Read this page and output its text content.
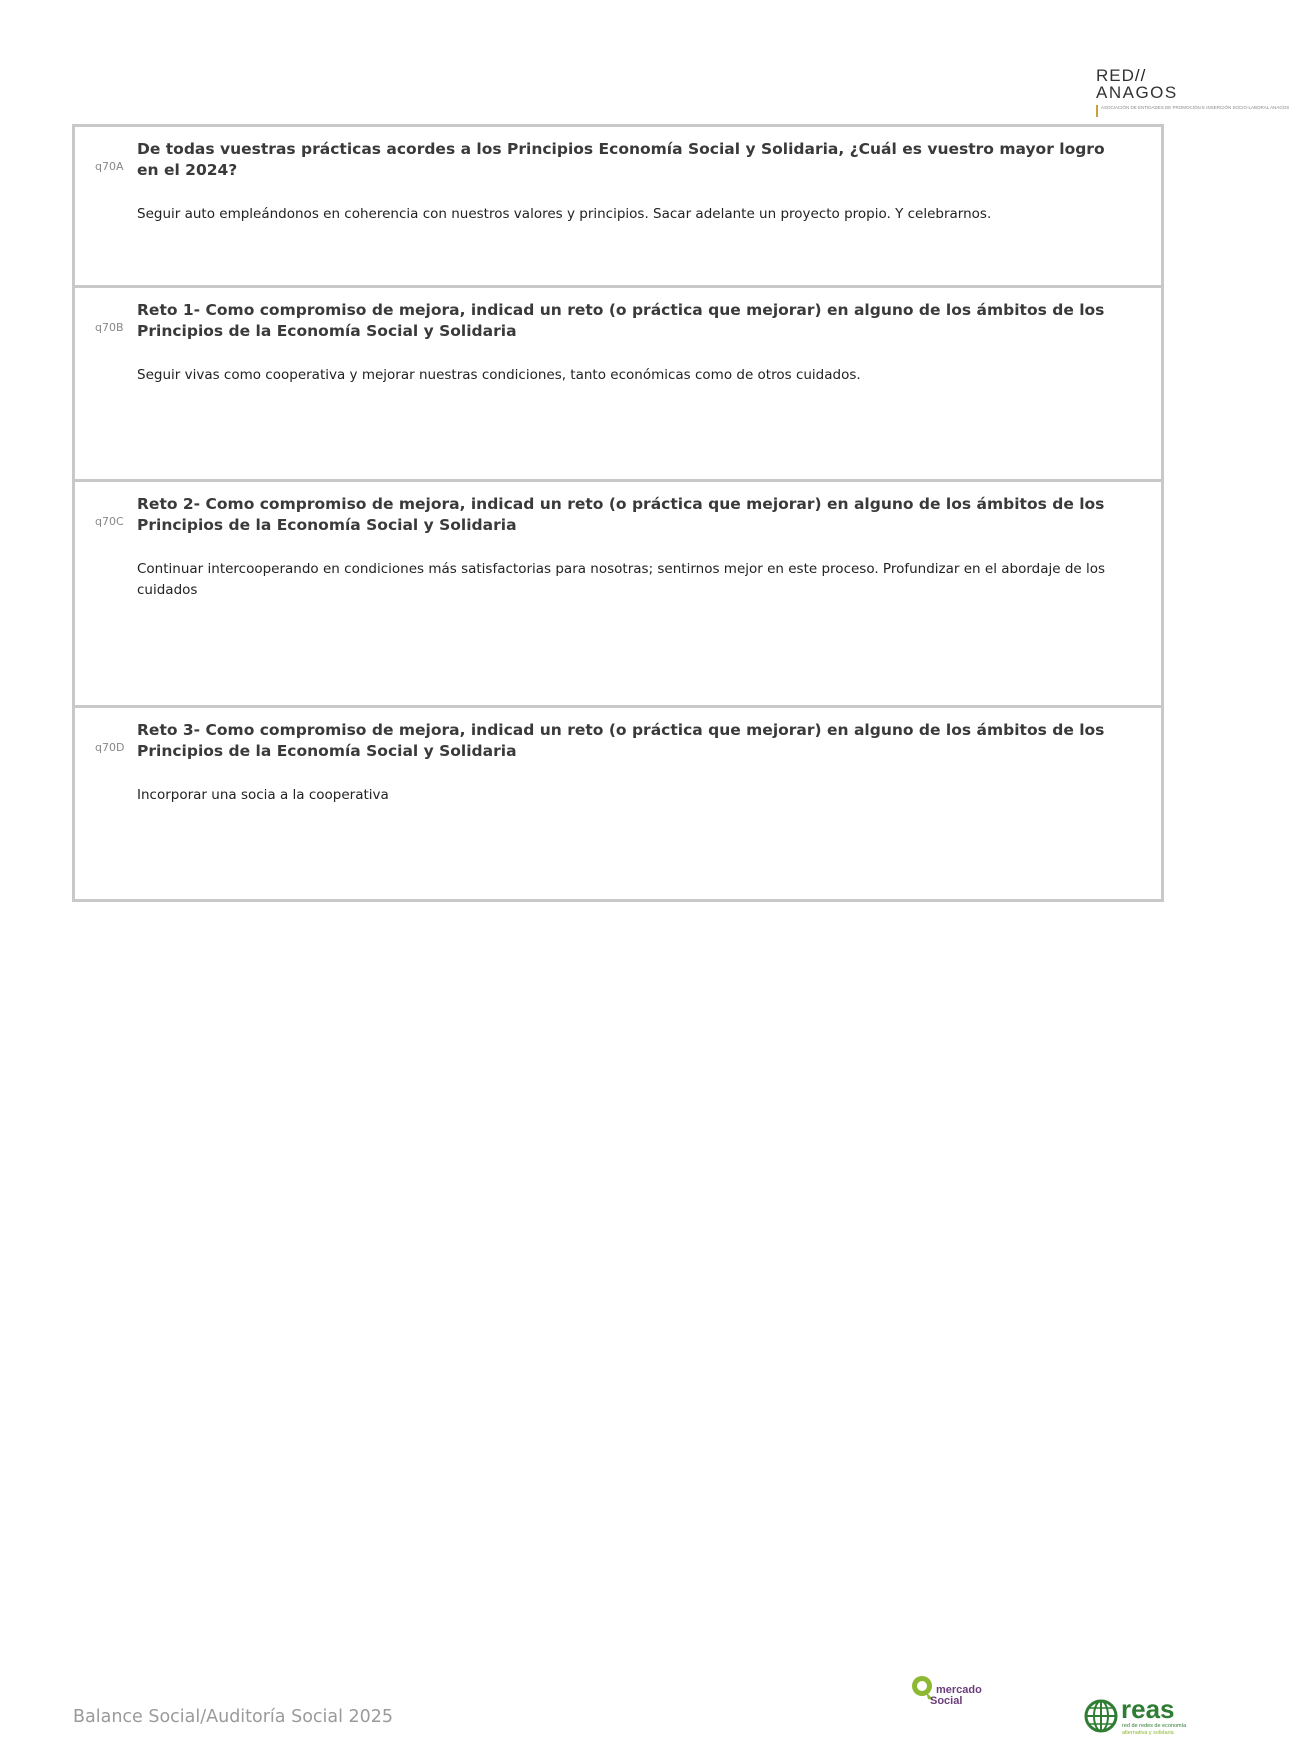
RED//
ANAGOS
ASOCIACIÓN DE ENTIDADES DE PROMOCIÓN E INSERCIÓN SOCIO-LABORAL ANAGOS
q70A

De todas vuestras prácticas acordes a los Principios Economía Social y Solidaria, ¿Cuál es vuestro mayor logro en el 2024?

Seguir auto empleándonos en coherencia con nuestros valores y principios. Sacar adelante un proyecto propio. Y celebrarnos.

q70B

Reto 1- Como compromiso de mejora, indicad un reto (o práctica que mejorar) en alguno de los ámbitos de los Principios de la Economía Social y Solidaria

Seguir vivas como cooperativa y mejorar nuestras condiciones, tanto económicas como de otros cuidados.

q70C

Reto 2- Como compromiso de mejora, indicad un reto (o práctica que mejorar) en alguno de los ámbitos de los Principios de la Economía Social y Solidaria

Continuar intercooperando en condiciones más satisfactorias para nosotras; sentirnos mejor en este proceso. Profundizar en el abordaje de los cuidados

q70D

Reto 3- Como compromiso de mejora, indicad un reto (o práctica que mejorar) en alguno de los ámbitos de los Principios de la Economía Social y Solidaria

Incorporar una socia a la cooperativa

Balance Social/Auditoría Social 2025
mercado
Social	reas
red de redes de economía
alternativa y solidaria
